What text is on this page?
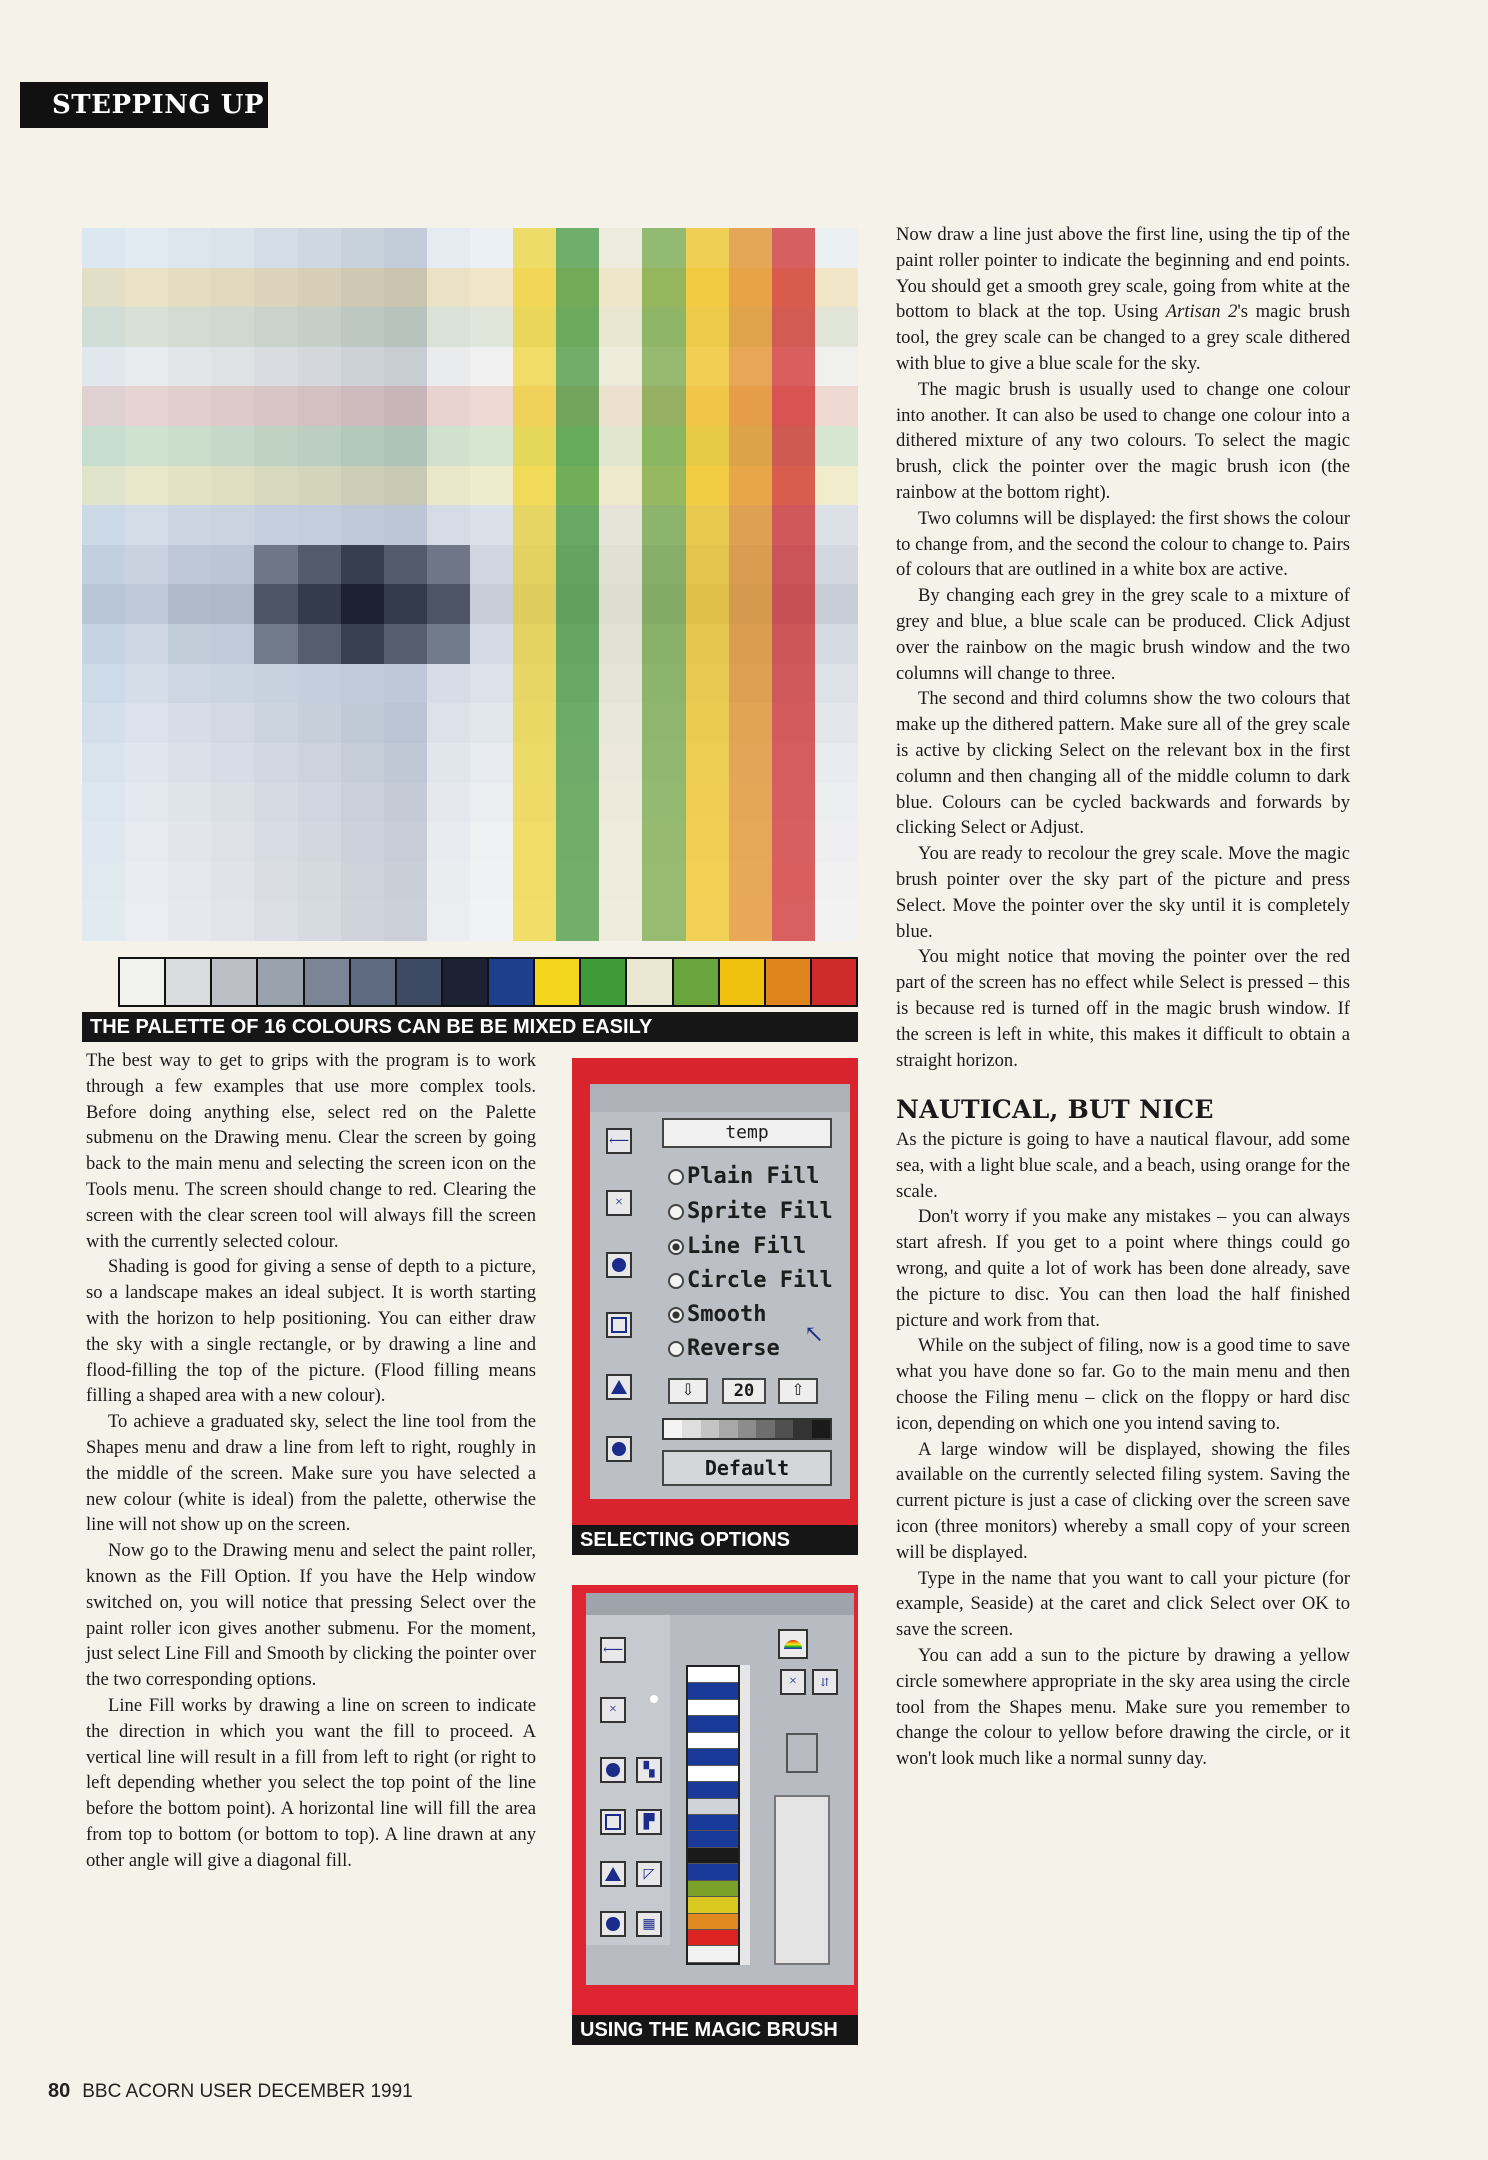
STEPPING UP
THE PALETTE OF 16 COLOURS CAN BE BE MIXED EASILY
⟵
×
temp
Plain Fill
Sprite Fill
Line Fill
Circle Fill
Smooth
Reverse
↖
⇩	20	⇧
Default
SELECTING OPTIONS
⟵
×
▚
▛
◸
▦
×	⇵
USING THE MAGIC BRUSH

The best way to get to grips with the program is to work through a few examples that use more complex tools. Before doing anything else, select red on the Palette submenu on the Drawing menu. Clear the screen by going back to the main menu and selecting the screen icon on the Tools menu. The screen should change to red. Clearing the screen with the clear screen tool will always fill the screen with the currently selected colour.

Shading is good for giving a sense of depth to a picture, so a landscape makes an ideal subject. It is worth starting with the horizon to help positioning. You can either draw the sky with a single rectangle, or by drawing a line and flood-filling the top of the picture. (Flood filling means filling a shaped area with a new colour).

To achieve a graduated sky, select the line tool from the Shapes menu and draw a line from left to right, roughly in the middle of the screen. Make sure you have selected a new colour (white is ideal) from the palette, otherwise the line will not show up on the screen.

Now go to the Drawing menu and select the paint roller, known as the Fill Option. If you have the Help window switched on, you will notice that pressing Select over the paint roller icon gives another submenu. For the moment, just select Line Fill and Smooth by clicking the pointer over the two corresponding options.

Line Fill works by drawing a line on screen to indicate the direction in which you want the fill to proceed. A vertical line will result in a fill from left to right (or right to left depending whether you select the top point of the line before the bottom point). A horizontal line will fill the area from top to bottom (or bottom to top). A line drawn at any other angle will give a diagonal fill.

Now draw a line just above the first line, using the tip of the paint roller pointer to indicate the beginning and end points. You should get a smooth grey scale, going from white at the bottom to black at the top. Using Artisan 2's magic brush tool, the grey scale can be changed to a grey scale dithered with blue to give a blue scale for the sky.

The magic brush is usually used to change one colour into another. It can also be used to change one colour into a dithered mixture of any two colours. To select the magic brush, click the pointer over the magic brush icon (the rainbow at the bottom right).

Two columns will be displayed: the first shows the colour to change from, and the second the colour to change to. Pairs of colours that are outlined in a white box are active.

By changing each grey in the grey scale to a mixture of grey and blue, a blue scale can be produced. Click Adjust over the rainbow on the magic brush window and the two columns will change to three.

The second and third columns show the two colours that make up the dithered pattern. Make sure all of the grey scale is active by clicking Select on the relevant box in the first column and then changing all of the middle column to dark blue. Colours can be cycled backwards and forwards by clicking Select or Adjust.

You are ready to recolour the grey scale. Move the magic brush pointer over the sky part of the picture and press Select. Move the pointer over the sky until it is completely blue.

You might notice that moving the pointer over the red part of the screen has no effect while Select is pressed – this is because red is turned off in the magic brush window. If the screen is left in white, this makes it difficult to obtain a straight horizon.

NAUTICAL, BUT NICE

As the picture is going to have a nautical flavour, add some sea, with a light blue scale, and a beach, using orange for the scale.

Don't worry if you make any mistakes – you can always start afresh. If you get to a point where things could go wrong, and quite a lot of work has been done already, save the picture to disc. You can then load the half finished picture and work from that.

While on the subject of filing, now is a good time to save what you have done so far. Go to the main menu and then choose the Filing menu – click on the floppy or hard disc icon, depending on which one you intend saving to.

A large window will be displayed, showing the files available on the currently selected filing system. Saving the current picture is just a case of clicking over the screen save icon (three monitors) whereby a small copy of your screen will be displayed.

Type in the name that you want to call your picture (for example, Seaside) at the caret and click Select over OK to save the screen.

You can add a sun to the picture by drawing a yellow circle somewhere appropriate in the sky area using the circle tool from the Shapes menu. Make sure you remember to change the colour to yellow before drawing the circle, or it won't look much like a normal sunny day.

80 BBC ACORN USER DECEMBER 1991
